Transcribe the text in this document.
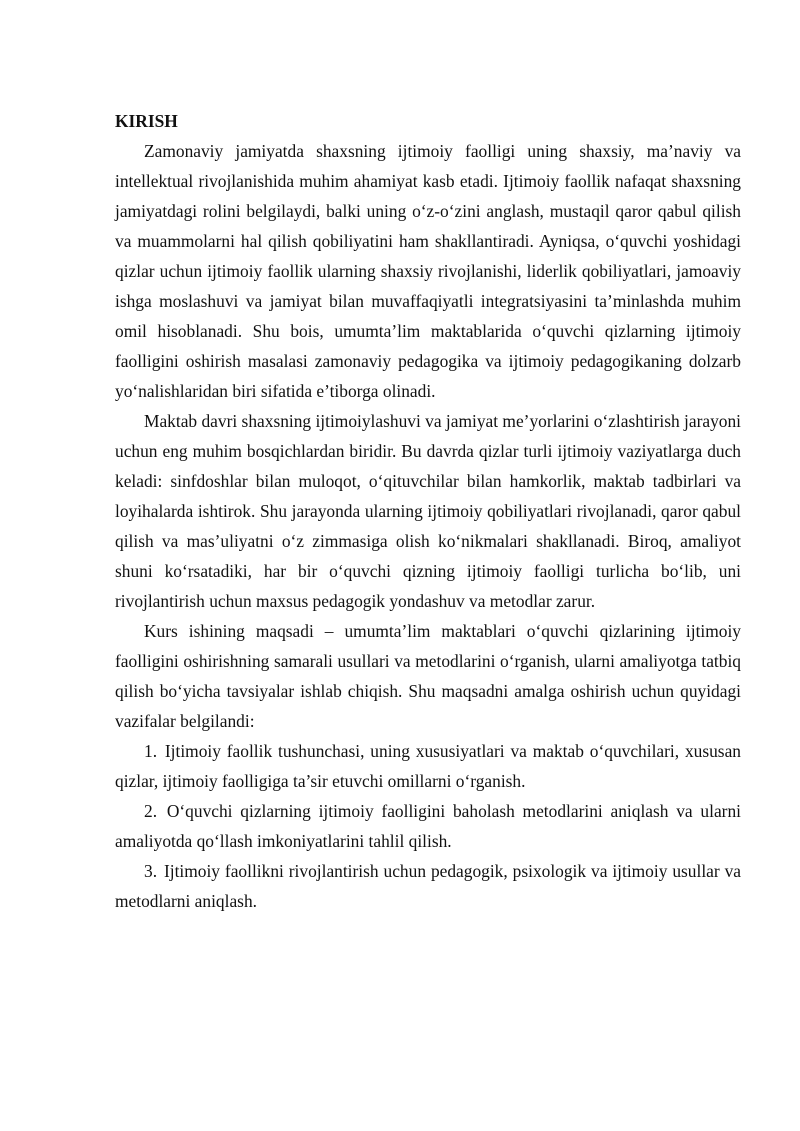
KIRISH

Zamonaviy jamiyatda shaxsning ijtimoiy faolligi uning shaxsiy, ma’naviy va intellektual rivojlanishida muhim ahamiyat kasb etadi. Ijtimoiy faollik nafaqat shaxsning jamiyatdagi rolini belgilaydi, balki uning o‘z-o‘zini anglash, mustaqil qaror qabul qilish va muammolarni hal qilish qobiliyatini ham shakllantiradi. Ayniqsa, o‘quvchi yoshidagi qizlar uchun ijtimoiy faollik ularning shaxsiy rivojlanishi, liderlik qobiliyatlari, jamoaviy ishga moslashuvi va jamiyat bilan muvaffaqiyatli integratsiyasini ta’minlashda muhim omil hisoblanadi. Shu bois, umumta’lim maktablarida o‘quvchi qizlarning ijtimoiy faolligini oshirish masalasi zamonaviy pedagogika va ijtimoiy pedagogikaning dolzarb yo‘nalishlaridan biri sifatida e’tiborga olinadi.

Maktab davri shaxsning ijtimoiylashuvi va jamiyat me’yorlarini o‘zlashtirish jarayoni uchun eng muhim bosqichlardan biridir. Bu davrda qizlar turli ijtimoiy vaziyatlarga duch keladi: sinfdoshlar bilan muloqot, o‘qituvchilar bilan hamkorlik, maktab tadbirlari va loyihalarda ishtirok. Shu jarayonda ularning ijtimoiy qobiliyatlari rivojlanadi, qaror qabul qilish va mas’uliyatni o‘z zimmasiga olish ko‘nikmalari shakllanadi. Biroq, amaliyot shuni ko‘rsatadiki, har bir o‘quvchi qizning ijtimoiy faolligi turlicha bo‘lib, uni rivojlantirish uchun maxsus pedagogik yondashuv va metodlar zarur.

Kurs ishining maqsadi – umumta’lim maktablari o‘quvchi qizlarining ijtimoiy faolligini oshirishning samarali usullari va metodlarini o‘rganish, ularni amaliyotga tatbiq qilish bo‘yicha tavsiyalar ishlab chiqish. Shu maqsadni amalga oshirish uchun quyidagi vazifalar belgilandi:

1. Ijtimoiy faollik tushunchasi, uning xususiyatlari va maktab o‘quvchilari, xususan qizlar, ijtimoiy faolligiga ta’sir etuvchi omillarni o‘rganish.

2. O‘quvchi qizlarning ijtimoiy faolligini baholash metodlarini aniqlash va ularni amaliyotda qo‘llash imkoniyatlarini tahlil qilish.

3. Ijtimoiy faollikni rivojlantirish uchun pedagogik, psixologik va ijtimoiy usullar va metodlarni aniqlash.
